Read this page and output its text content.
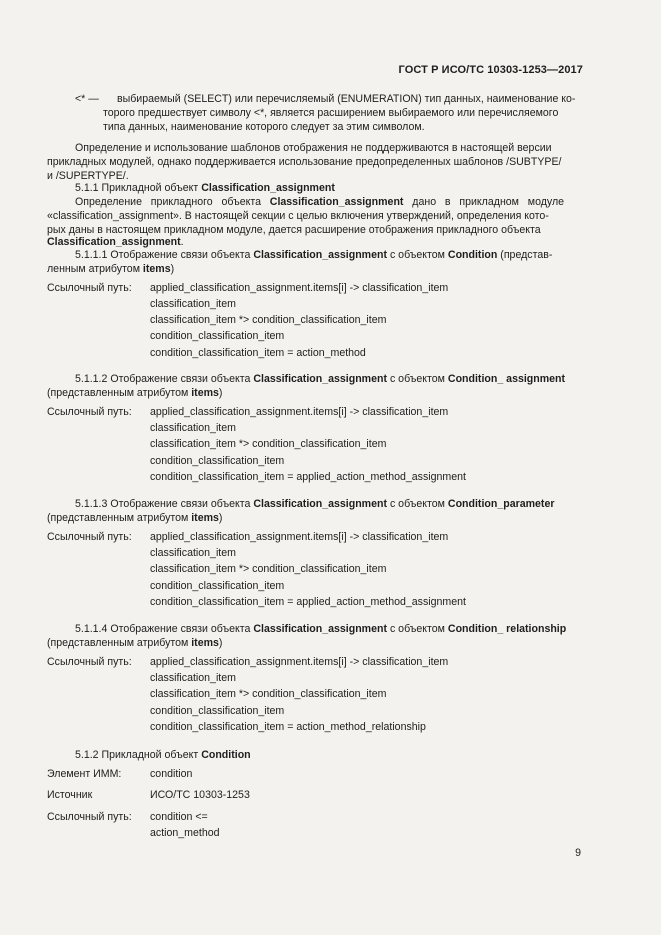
ГОСТ Р ИСО/ТС 10303-1253—2017
<* — выбираемый (SELECT) или перечисляемый (ENUMERATION) тип данных, наименование ко-
торого предшествует символу <*, является расширением выбираемого или перечисляемого
типа данных, наименование которого следует за этим символом.
Определение и использование шаблонов отображения не поддерживаются в настоящей версии
прикладных модулей, однако поддерживается использование предопределенных шаблонов /SUBTYPE/
и /SUPERTYPE/.
5.1.1 Прикладной объект Classification_assignment
Определение   прикладного   объекта   Classification_assignment   дано   в   прикладном   модуле
«classification_assignment». В настоящей секции с целью включения утверждений, определения кото-
рых даны в настоящем прикладном модуле, дается расширение отображения прикладного объекта
Classification_assignment.
5.1.1.1 Отображение связи объекта Classification_assignment с объектом Condition (представ-
ленным атрибутом items)
Ссылочный путь: applied_classification_assignment.items[i] -> classification_item
classification_item
classification_item *> condition_classification_item
condition_classification_item
condition_classification_item = action_method
5.1.1.2 Отображение связи объекта Classification_assignment с объектом Condition_ assignment
(представленным атрибутом items)
Ссылочный путь: applied_classification_assignment.items[i] -> classification_item
classification_item
classification_item *> condition_classification_item
condition_classification_item
condition_classification_item = applied_action_method_assignment
5.1.1.3 Отображение связи объекта Classification_assignment с объектом Condition_parameter
(представленным атрибутом items)
Ссылочный путь: applied_classification_assignment.items[i] -> classification_item
classification_item
classification_item *> condition_classification_item
condition_classification_item
condition_classification_item = applied_action_method_assignment
5.1.1.4 Отображение связи объекта Classification_assignment с объектом Condition_ relationship
(представленным атрибутом items)
Ссылочный путь: applied_classification_assignment.items[i] -> classification_item
classification_item
classification_item *> condition_classification_item
condition_classification_item
condition_classification_item = action_method_relationship
5.1.2 Прикладной объект Condition
Элемент ИММ:	condition
Источник	ИСО/ТС 10303-1253
Ссылочный путь: condition <=
action_method
9
